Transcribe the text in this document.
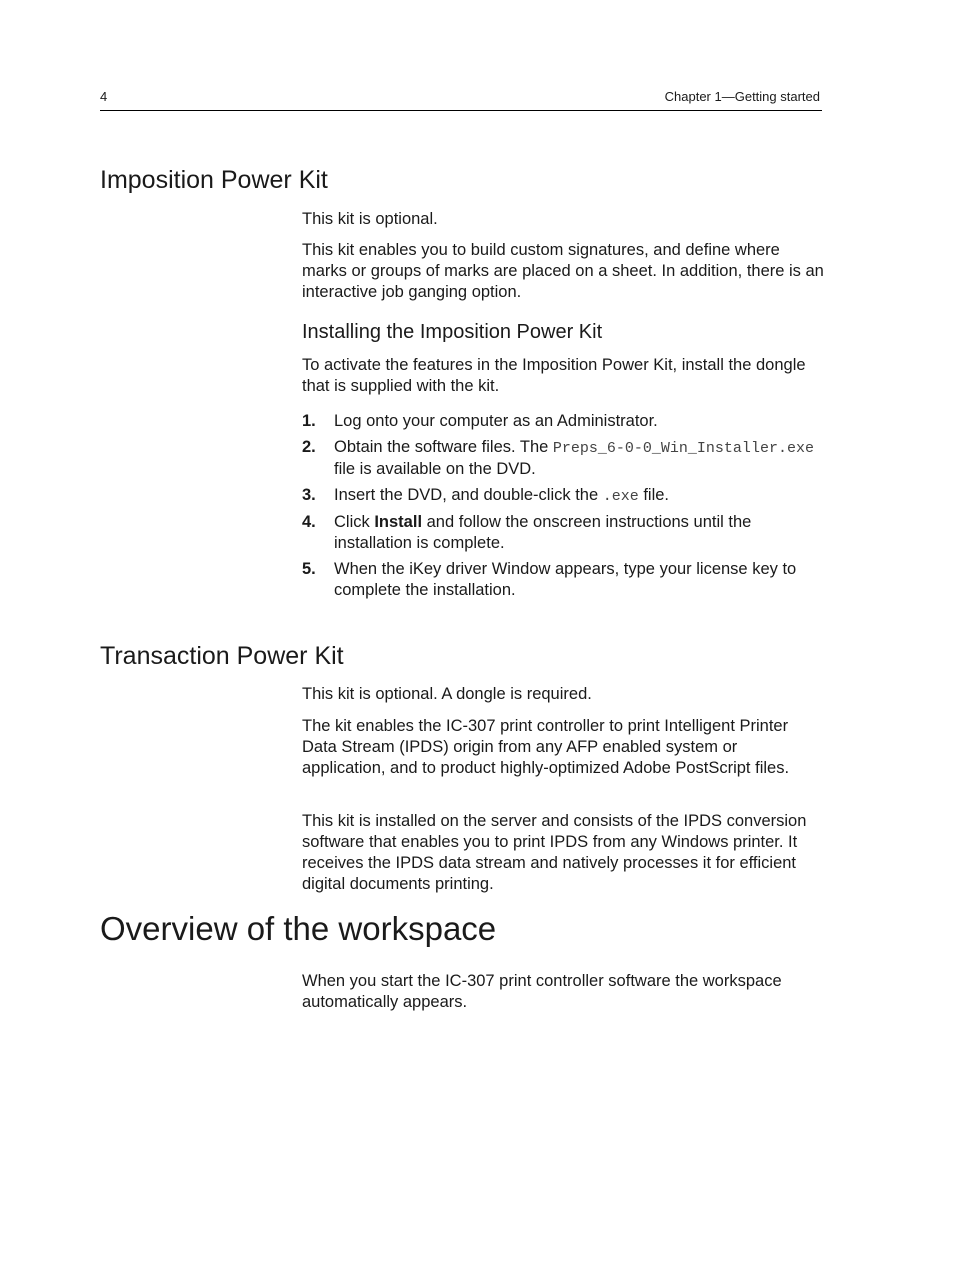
4	Chapter 1—Getting started
Imposition Power Kit

This kit is optional.

This kit enables you to build custom signatures, and define where marks or groups of marks are placed on a sheet. In addition, there is an interactive job ganging option.

Installing the Imposition Power Kit

To activate the features in the Imposition Power Kit, install the dongle that is supplied with the kit.

1. Log onto your computer as an Administrator.
2. Obtain the software files. The Preps_6-0-0_Win_Installer.exe file is available on the DVD.
3. Insert the DVD, and double-click the .exe file.
4. Click Install and follow the onscreen instructions until the installation is complete.
5. When the iKey driver Window appears, type your license key to complete the installation.
Transaction Power Kit

This kit is optional. A dongle is required.

The kit enables the IC-307 print controller to print Intelligent Printer Data Stream (IPDS) origin from any AFP enabled system or application, and to product highly-optimized Adobe PostScript files.

This kit is installed on the server and consists of the IPDS conversion software that enables you to print IPDS from any Windows printer. It receives the IPDS data stream and natively processes it for efficient digital documents printing.

Overview of the workspace

When you start the IC-307 print controller software the workspace automatically appears.
